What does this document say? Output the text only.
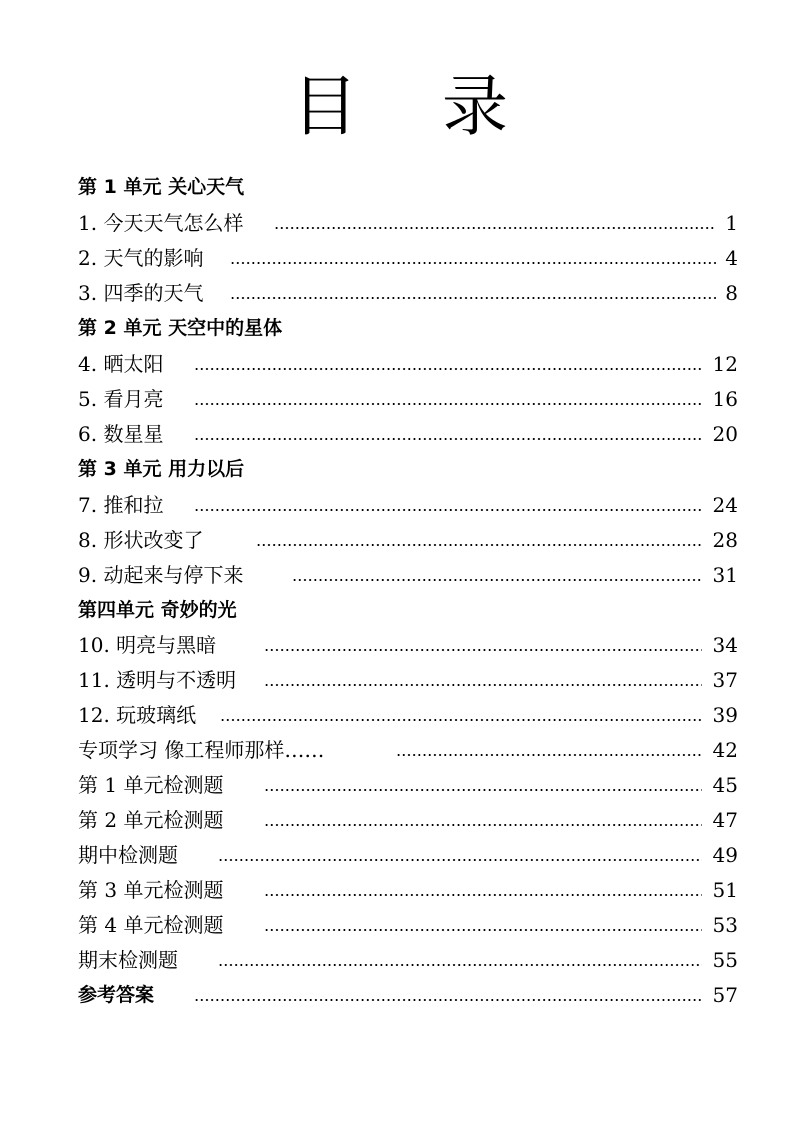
目 录
第 1 单元 关心天气
1. 今天天气怎么样	1
2. 天气的影响	4
3. 四季的天气	8
第 2 单元 天空中的星体
4. 晒太阳	12
5. 看月亮	16
6. 数星星	20
第 3 单元 用力以后
7. 推和拉	24
8. 形状改变了	28
9. 动起来与停下来	31
第四单元 奇妙的光
10. 明亮与黑暗	34
11. 透明与不透明	37
12. 玩玻璃纸	39
专项学习 像工程师那样……	42
第 1 单元检测题	45
第 2 单元检测题	47
期中检测题	49
第 3 单元检测题	51
第 4 单元检测题	53
期末检测题	55
参考答案	57
